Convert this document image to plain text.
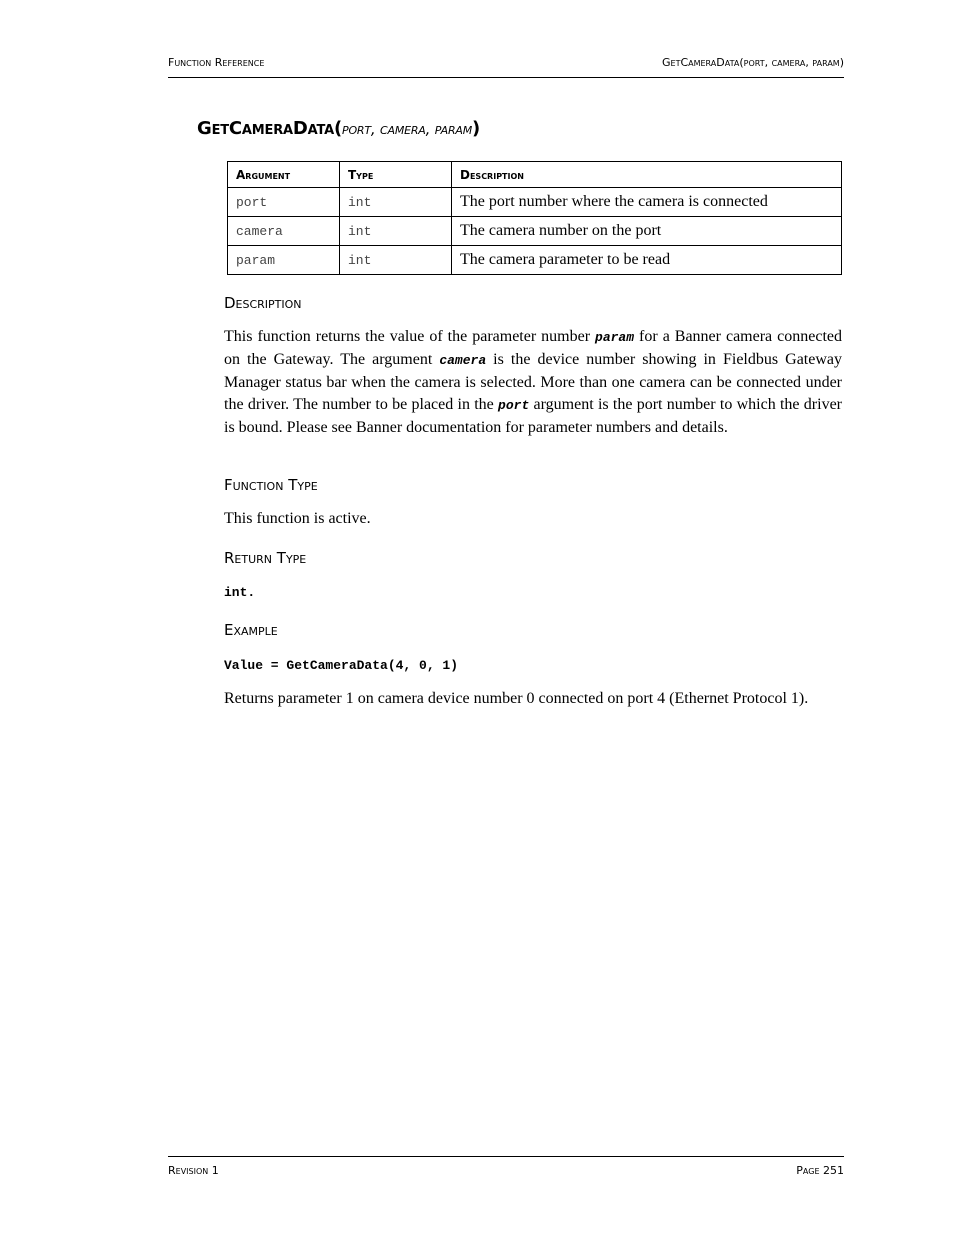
Function Reference	GetCameraData(port, camera, param)
GetCameraData(port, camera, param)
Argument	Type	Description
port	int	The port number where the camera is connected
camera	int	The camera number on the port
param	int	The camera parameter to be read
Description
This function returns the value of the parameter number param for a Banner camera connected on the Gateway. The argument camera is the device number showing in Fieldbus Gateway Manager status bar when the camera is selected. More than one camera can be connected under the driver. The number to be placed in the port argument is the port number to which the driver is bound. Please see Banner documentation for parameter numbers and details.
Function Type
This function is active.
Return Type
int.
Example
Value = GetCameraData(4, 0, 1)
Returns parameter 1 on camera device number 0 connected on port 4 (Ethernet Protocol 1).
Revision 1	Page 251
